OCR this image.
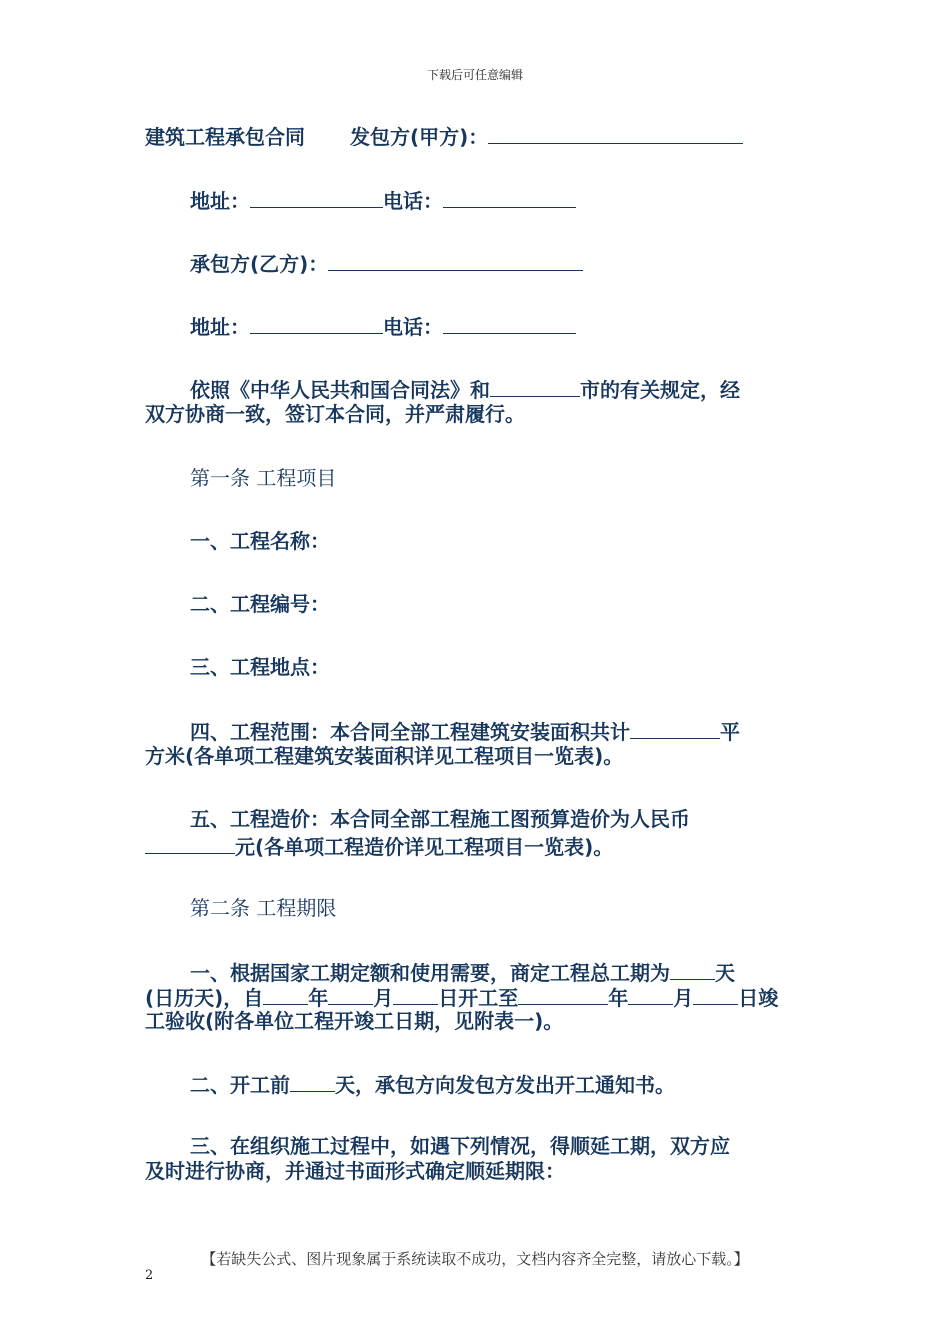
下载后可任意编辑
建筑工程承包合同 发包方(甲方)：
地址：	电话：
承包方(乙方)：
地址：	电话：
依照《中华人民共和国合同法》和	市的有关规定，经
双方协商一致，签订本合同，并严肃履行。
第一条 工程项目
一、工程名称：
二、工程编号：
三、工程地点：
四、工程范围：本合同全部工程建筑安装面积共计	平
方米(各单项工程建筑安装面积详见工程项目一览表)。
五、工程造价：本合同全部工程施工图预算造价为人民币
元(各单项工程造价详见工程项目一览表)。
第二条 工程期限
一、根据国家工期定额和使用需要，商定工程总工期为 天
(日历天)，自 年 月 日开工至	年 月 日竣
工验收(附各单位工程开竣工日期，见附表一)。
二、开工前 天，承包方向发包方发出开工通知书。
三、在组织施工过程中，如遇下列情况，得顺延工期，双方应
及时进行协商，并通过书面形式确定顺延期限：
【若缺失公式、图片现象属于系统读取不成功，文档内容齐全完整，请放心下载。】
2
